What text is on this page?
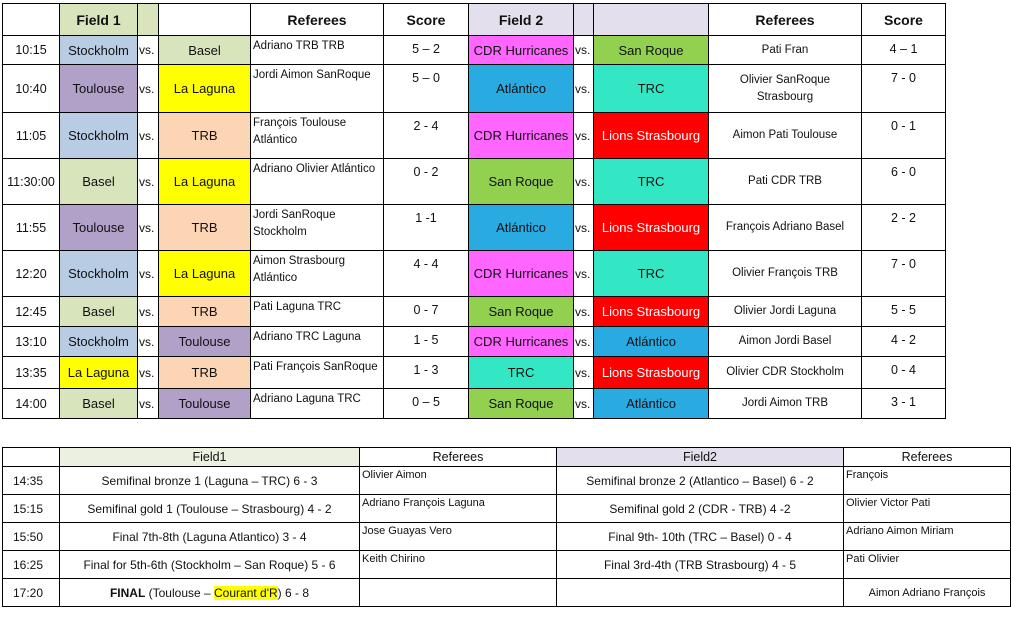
	Field 1			Referees	Score	Field 2			Referees	Score
10:15	Stockholm	vs.	Basel	Adriano TRB TRB	5 – 2	CDR Hurricanes	vs.	San Roque	Pati Fran	4 – 1
10:40	Toulouse	vs.	La Laguna	Jordi Aimon SanRoque	5 – 0	Atlántico	vs.	TRC	Olivier SanRoque Strasbourg	7 - 0
11:05	Stockholm	vs.	TRB	François Toulouse Atlántico	2 - 4	CDR Hurricanes	vs.	Lions Strasbourg	Aimon Pati Toulouse	0 - 1
11:30:00	Basel	vs.	La Laguna	Adriano Olivier Atlántico	0 - 2	San Roque	vs.	TRC	Pati CDR TRB	6 - 0
11:55	Toulouse	vs.	TRB	Jordi SanRoque Stockholm	1 -1	Atlántico	vs.	Lions Strasbourg	François Adriano Basel	2 - 2
12:20	Stockholm	vs.	La Laguna	Aimon Strasbourg Atlántico	4 - 4	CDR Hurricanes	vs.	TRC	Olivier François TRB	7 - 0
12:45	Basel	vs.	TRB	Pati Laguna TRC	0 - 7	San Roque	vs.	Lions Strasbourg	Olivier Jordi Laguna	5 - 5
13:10	Stockholm	vs.	Toulouse	Adriano TRC Laguna	1 - 5	CDR Hurricanes	vs.	Atlántico	Aimon Jordi Basel	4 - 2
13:35	La Laguna	vs.	TRB	Pati François SanRoque	1 - 3	TRC	vs.	Lions Strasbourg	Olivier CDR Stockholm	0 - 4
14:00	Basel	vs.	Toulouse	Adriano Laguna TRC	0 – 5	San Roque	vs.	Atlántico	Jordi Aimon TRB	3 - 1
	Field1	Referees	Field2	Referees
14:35	Semifinal bronze 1 (Laguna – TRC) 6 - 3	Olivier Aimon	Semifinal bronze 2 (Atlantico – Basel) 6 - 2	François
15:15	Semifinal gold 1 (Toulouse – Strasbourg) 4 - 2	Adriano François Laguna	Semifinal gold 2 (CDR - TRB) 4 -2	Olivier Victor Pati
15:50	Final 7th-8th (Laguna Atlantico) 3 - 4	Jose Guayas Vero	Final 9th- 10th (TRC – Basel) 0 - 4	Adriano Aimon Miriam
16:25	Final for 5th-6th (Stockholm – San Roque) 5 - 6	Keith Chirino	Final 3rd-4th (TRB Strasbourg) 4 - 5	Pati Olivier
17:20	FINAL (Toulouse – Courant d'R) 6 - 8			Aimon Adriano François
